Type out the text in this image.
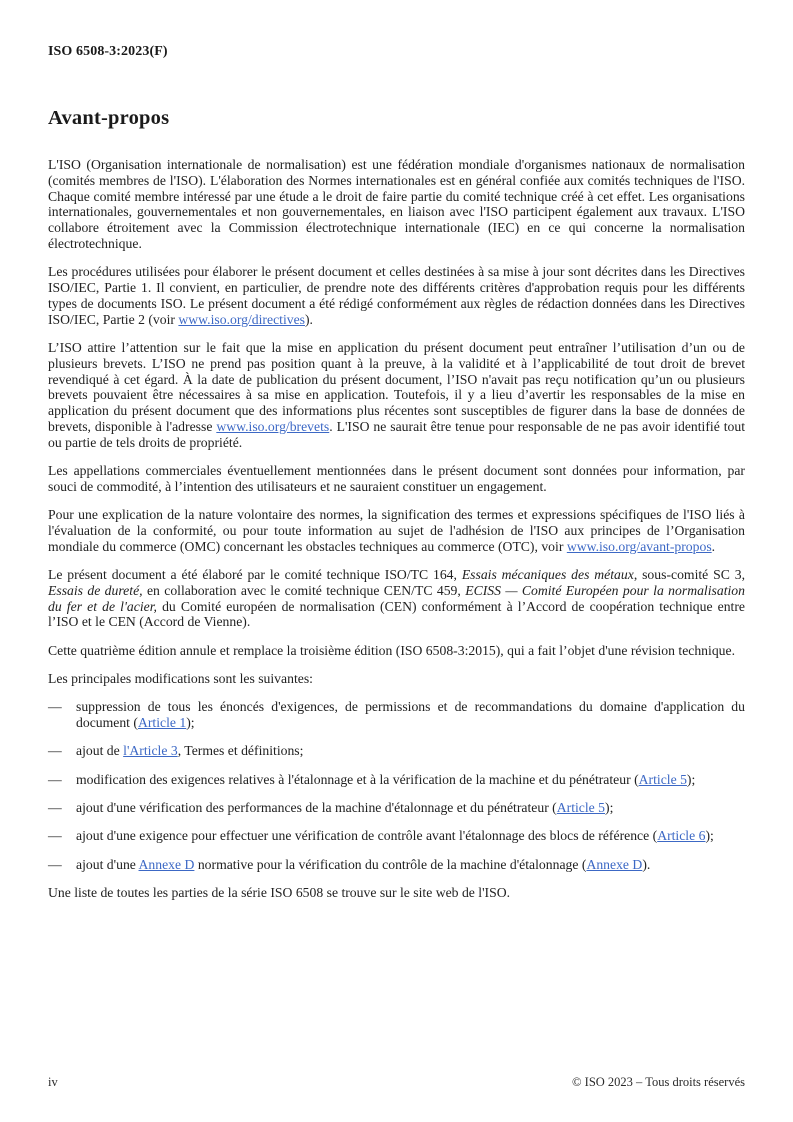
ISO 6508-3:2023(F)
Avant-propos

L'ISO (Organisation internationale de normalisation) est une fédération mondiale d'organismes nationaux de normalisation (comités membres de l'ISO). L'élaboration des Normes internationales est en général confiée aux comités techniques de l'ISO. Chaque comité membre intéressé par une étude a le droit de faire partie du comité technique créé à cet effet. Les organisations internationales, gouvernementales et non gouvernementales, en liaison avec l'ISO participent également aux travaux. L'ISO collabore étroitement avec la Commission électrotechnique internationale (IEC) en ce qui concerne la normalisation électrotechnique.

Les procédures utilisées pour élaborer le présent document et celles destinées à sa mise à jour sont décrites dans les Directives ISO/IEC, Partie 1. Il convient, en particulier, de prendre note des différents critères d'approbation requis pour les différents types de documents ISO. Le présent document a été rédigé conformément aux règles de rédaction données dans les Directives ISO/IEC, Partie 2 (voir www.iso.org/directives).

L’ISO attire l’attention sur le fait que la mise en application du présent document peut entraîner l’utilisation d’un ou de plusieurs brevets. L’ISO ne prend pas position quant à la preuve, à la validité et à l’applicabilité de tout droit de brevet revendiqué à cet égard. À la date de publication du présent document, l’ISO n'avait pas reçu notification qu’un ou plusieurs brevets pouvaient être nécessaires à sa mise en application. Toutefois, il y a lieu d’avertir les responsables de la mise en application du présent document que des informations plus récentes sont susceptibles de figurer dans la base de données de brevets, disponible à l'adresse www.iso.org/brevets. L'ISO ne saurait être tenue pour responsable de ne pas avoir identifié tout ou partie de tels droits de propriété.

Les appellations commerciales éventuellement mentionnées dans le présent document sont données pour information, par souci de commodité, à l’intention des utilisateurs et ne sauraient constituer un engagement.

Pour une explication de la nature volontaire des normes, la signification des termes et expressions spécifiques de l'ISO liés à l'évaluation de la conformité, ou pour toute information au sujet de l'adhésion de l'ISO aux principes de l’Organisation mondiale du commerce (OMC) concernant les obstacles techniques au commerce (OTC), voir www.iso.org/avant-propos.

Le présent document a été élaboré par le comité technique ISO/TC 164, Essais mécaniques des métaux, sous-comité SC 3, Essais de dureté, en collaboration avec le comité technique CEN/TC 459, ECISS — Comité Européen pour la normalisation du fer et de l'acier, du Comité européen de normalisation (CEN) conformément à l’Accord de coopération technique entre l’ISO et le CEN (Accord de Vienne).

Cette quatrième édition annule et remplace la troisième édition (ISO 6508-3:2015), qui a fait l’objet d'une révision technique.

Les principales modifications sont les suivantes:

—	suppression de tous les énoncés d'exigences, de permissions et de recommandations du domaine d'application du document (Article 1);
—	ajout de l'Article 3, Termes et définitions;
—	modification des exigences relatives à l'étalonnage et à la vérification de la machine et du pénétrateur (Article 5);
—	ajout d'une vérification des performances de la machine d'étalonnage et du pénétrateur (Article 5);
—	ajout d'une exigence pour effectuer une vérification de contrôle avant l'étalonnage des blocs de référence (Article 6);
—	ajout d'une Annexe D normative pour la vérification du contrôle de la machine d'étalonnage (Annexe D).

Une liste de toutes les parties de la série ISO 6508 se trouve sur le site web de l'ISO.

iv	© ISO 2023 – Tous droits réservés
